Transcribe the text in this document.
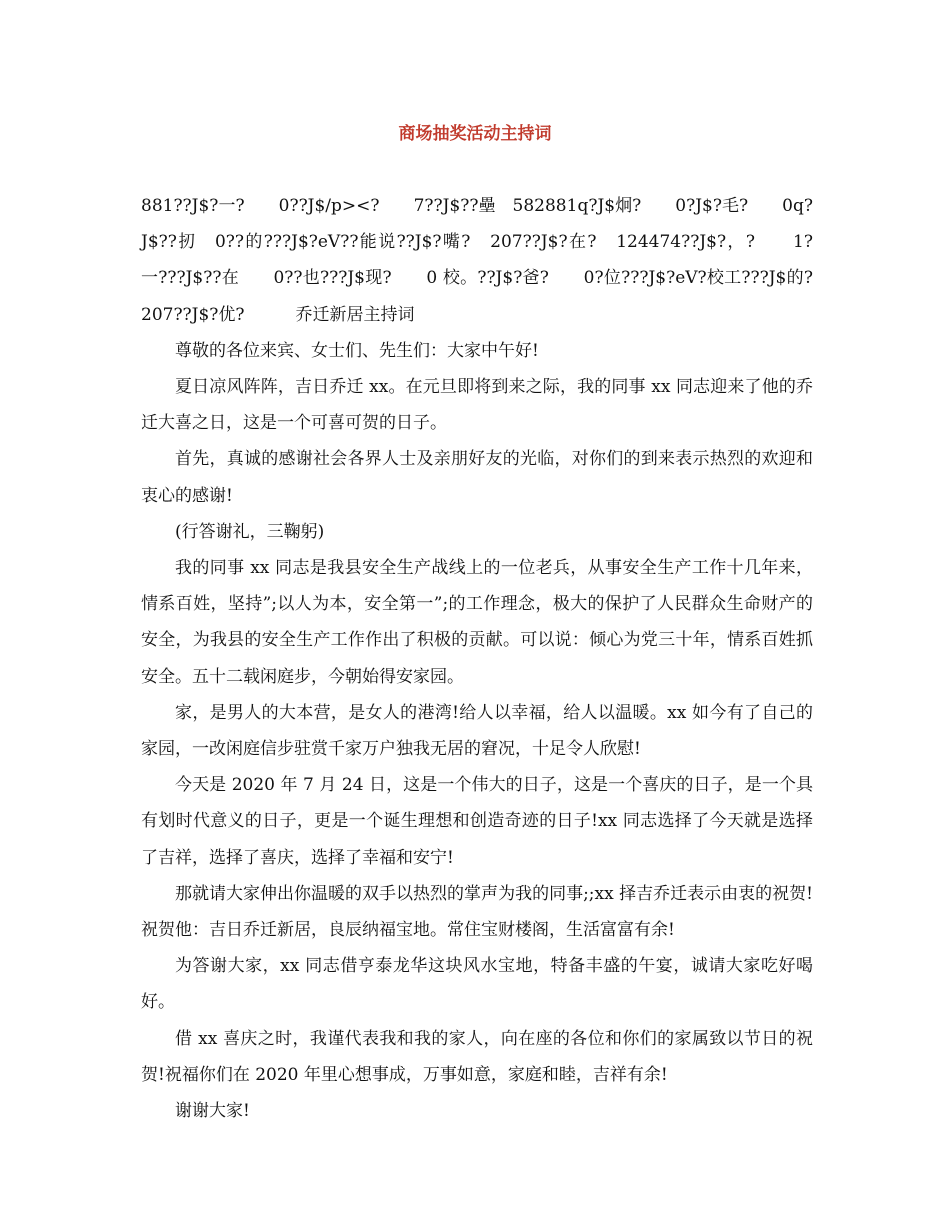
商场抽奖活动主持词

881??J$?一?　　0??J$/p><?　　7??J$??壘　582881q?J$炯?　　0?J$?毛?　　0q?J$??扨　0??的???J$?eV??能说??J$?嘴?　207??J$?在?　124474??J$?，?　　1?一???J$??在　　0??也???J$现?　　0 校。??J$?爸?　　0?位???J$?eV?校工???J$的?207??J$?优?　　　乔迁新居主持词

尊敬的各位来宾、女士们、先生们：大家中午好!

夏日凉风阵阵，吉日乔迁 xx。在元旦即将到来之际，我的同事 xx 同志迎来了他的乔迁大喜之日，这是一个可喜可贺的日子。

首先，真诚的感谢社会各界人士及亲朋好友的光临，对你们的到来表示热烈的欢迎和衷心的感谢!

(行答谢礼，三鞠躬)

我的同事 xx 同志是我县安全生产战线上的一位老兵，从事安全生产工作十几年来，情系百姓，坚持”;以人为本，安全第一”;的工作理念，极大的保护了人民群众生命财产的安全，为我县的安全生产工作作出了积极的贡献。可以说：倾心为党三十年，情系百姓抓安全。五十二载闲庭步，今朝始得安家园。

家，是男人的大本营，是女人的港湾!给人以幸福，给人以温暖。xx 如今有了自己的家园，一改闲庭信步驻赏千家万户独我无居的窘况，十足令人欣慰!

今天是 2020 年 7 月 24 日，这是一个伟大的日子，这是一个喜庆的日子，是一个具有划时代意义的日子，更是一个诞生理想和创造奇迹的日子!xx 同志选择了今天就是选择了吉祥，选择了喜庆，选择了幸福和安宁!

那就请大家伸出你温暖的双手以热烈的掌声为我的同事;;xx 择吉乔迁表示由衷的祝贺!祝贺他：吉日乔迁新居，良辰纳福宝地。常住宝财楼阁，生活富富有余!

为答谢大家，xx 同志借亨泰龙华这块风水宝地，特备丰盛的午宴，诚请大家吃好喝好。

借 xx 喜庆之时，我谨代表我和我的家人，向在座的各位和你们的家属致以节日的祝贺!祝福你们在 2020 年里心想事成，万事如意，家庭和睦，吉祥有余!

谢谢大家!
